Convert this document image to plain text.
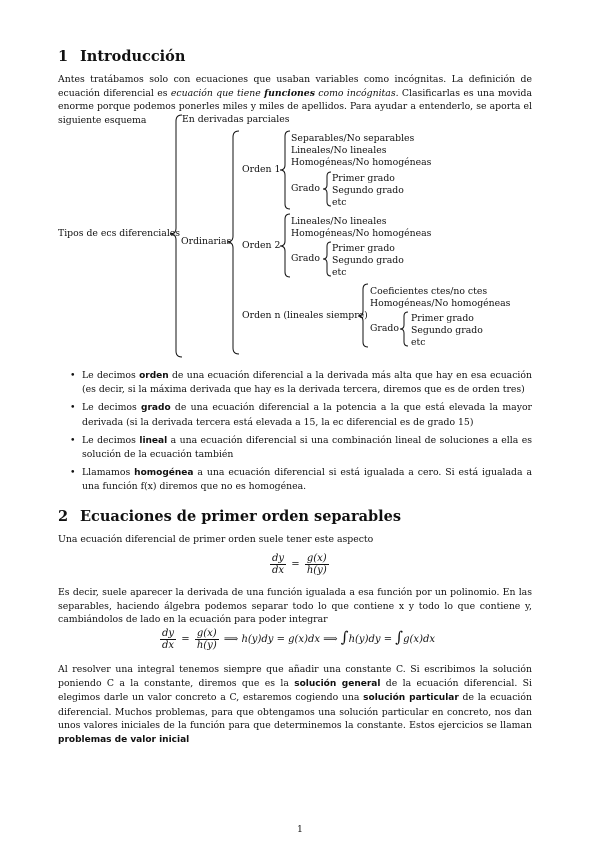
1 Introducción
Antes tratábamos solo con ecuaciones que usaban variables como incógnitas. La definición de ecuación diferencial es ecuación que tiene funciones como incógnitas. Clasificarlas es una movida enorme porque podemos ponerles miles y miles de apellidos. Para ayudar a entenderlo, se aporta el siguiente esquema
Tipos de ecs diferenciales
En derivadas parciales
Ordinarias
Orden 1
Separables/No separables
Lineales/No lineales
Homogéneas/No homogéneas
Grado
Primer grado
Segundo grado
etc
Orden 2
Lineales/No lineales
Homogéneas/No homogéneas
Grado
Primer grado
Segundo grado
etc
Orden n (lineales siempre)
Coeficientes ctes/no ctes
Homogéneas/No homogéneas
Grado
Primer grado
Segundo grado
etc
• Le decimos orden de una ecuación diferencial a la derivada más alta que hay en esa ecuación (es decir, si la máxima derivada que hay es la derivada tercera, diremos que es de orden tres)
• Le decimos grado de una ecuación diferencial a la potencia a la que está elevada la mayor derivada (si la derivada tercera está elevada a 15, la ec diferencial es de grado 15)
• Le decimos lineal a una ecuación diferencial si una combinación lineal de soluciones a ella es solución de la ecuación también
• Llamamos homogénea a una ecuación diferencial si está igualada a cero. Si está igualada a una función f(x) diremos que no es homogénea.
2 Ecuaciones de primer orden separables
Una ecuación diferencial de primer orden suele tener este aspecto
$\frac{dy}{dx} = \frac{g(x)}{h(y)}$
Es decir, suele aparecer la derivada de una función igualada a esa función por un polinomio. En las separables, haciendo álgebra podemos separar todo lo que contiene x y todo lo que contiene y, cambiándolos de lado en la ecuación para poder integrar
$\frac{dy}{dx} = \frac{g(x)}{h(y)}$ ⟹ h(y)dy = g(x)dx ⟹ ∫h(y)dy = ∫g(x)dx
Al resolver una integral tenemos siempre que añadir una constante C. Si escribimos la solución poniendo C a la constante, diremos que es la solución general de la ecuación diferencial. Si elegimos darle un valor concreto a C, estaremos cogiendo una solución particular de la ecuación diferencial. Muchos problemas, para que obtengamos una solución particular en concreto, nos dan unos valores iniciales de la función para que determinemos la constante. Estos ejercicios se llaman problemas de valor inicial
1
